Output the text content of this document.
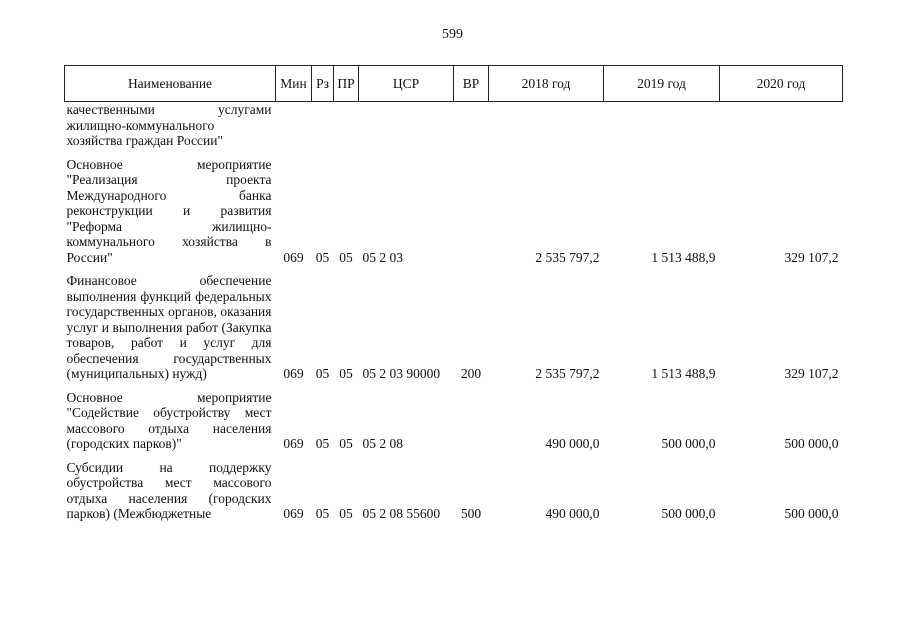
599
Наименование	Мин	Рз	ПР	ЦСР	ВР	2018 год	2019 год	2020 год
качественными услугами жилищно-коммунального хозяйства граждан России"								

Основное мероприятие "Реализация проекта Международного банка реконструкции и развития "Реформа жилищно-коммунального хозяйства в России"	069	05	05	05 2 03		2 535 797,2	1 513 488,9	329 107,2

Финансовое обеспечение выполнения функций федеральных государственных органов, оказания услуг и выполнения работ (Закупка товаров, работ и услуг для обеспечения государственных (муниципальных) нужд)	069	05	05	05 2 03 90000	200	2 535 797,2	1 513 488,9	329 107,2

Основное мероприятие "Содействие обустройству мест массового отдыха населения (городских парков)"	069	05	05	05 2 08		490 000,0	500 000,0	500 000,0

Субсидии на поддержку обустройства мест массового отдыха населения (городских парков) (Межбюджетные	069	05	05	05 2 08 55600	500	490 000,0	500 000,0	500 000,0
